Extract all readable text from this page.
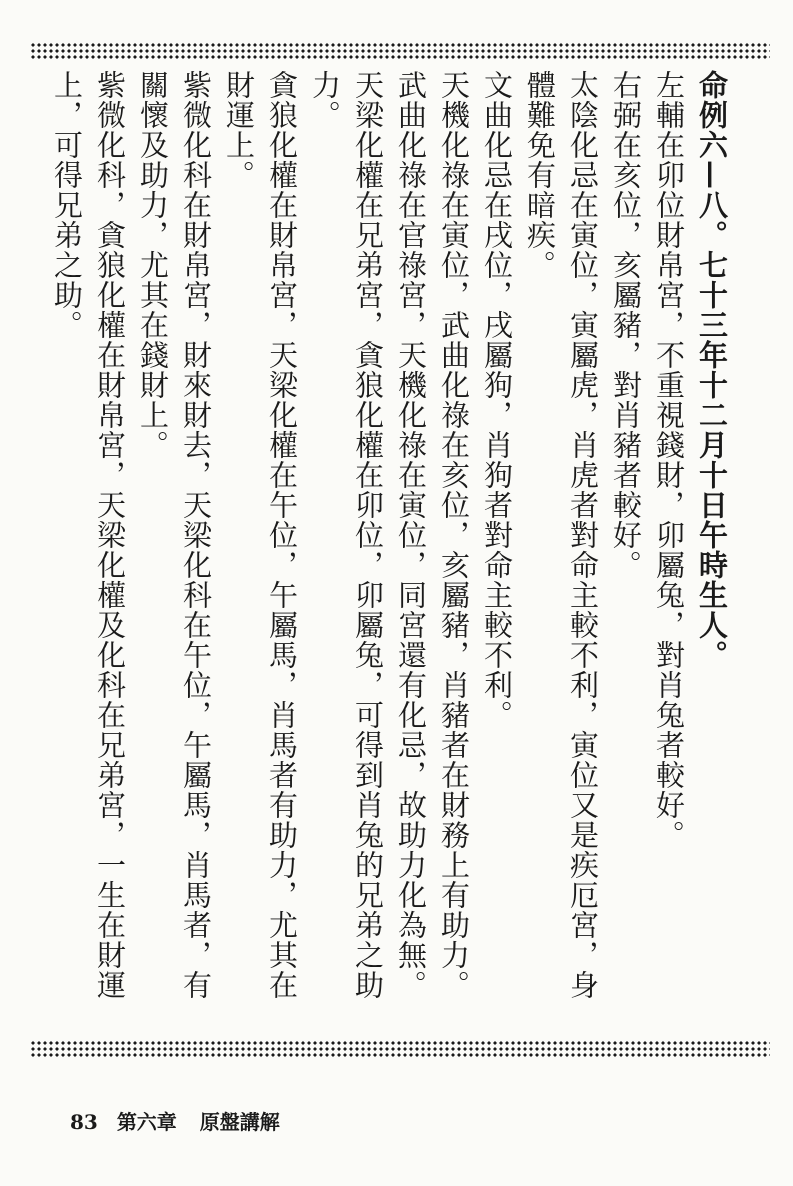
命例六—八。七十三年十二月十日午時生人。

左輔在卯位財帛宮，不重視錢財，卯屬兔，對肖兔者較好。

右弼在亥位，亥屬豬，對肖豬者較好。

太陰化忌在寅位，寅屬虎，肖虎者對命主較不利，寅位又是疾厄宮，身體難免有暗疾。

文曲化忌在戌位，戌屬狗，肖狗者對命主較不利。

天機化祿在寅位，武曲化祿在亥位，亥屬豬，肖豬者在財務上有助力。

武曲化祿在官祿宮，天機化祿在寅位，同宮還有化忌，故助力化為無。

天梁化權在兄弟宮，貪狼化權在卯位，卯屬兔，可得到肖兔的兄弟之助力。

貪狼化權在財帛宮，天梁化權在午位，午屬馬，肖馬者有助力，尤其在財運上。

紫微化科在財帛宮，財來財去，天梁化科在午位，午屬馬，肖馬者，有關懷及助力，尤其在錢財上。

紫微化科，貪狼化權在財帛宮，天梁化權及化科在兄弟宮，一生在財運上，可得兄弟之助。

83 第六章 原盤講解
